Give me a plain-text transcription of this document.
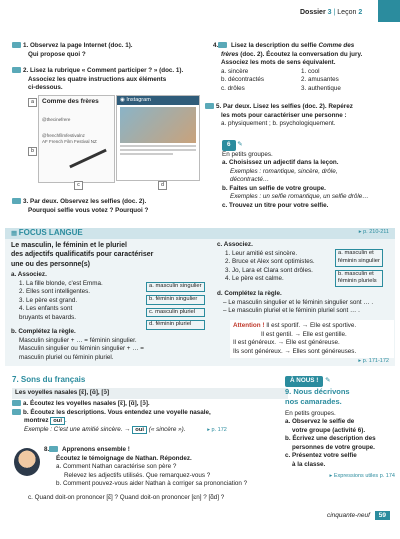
Dossier 3 | Leçon 2
1. Observez la page Internet (doc. 1).
Qui propose quoi ?
2. Lisez la rubrique « Comment participer ? » (doc. 1).
Associez les quatre instructions aux éléments
ci-dessous.
a	Comme des frères
@thecinefrere
@frenchfilmfestivalnz
AF French Film Festival NZ
b
◉ Instagram
c	d
3. Par deux. Observez les selfies (doc. 2).
Pourquoi selfie vous votez ? Pourquoi ?
4. Lisez la description du selfie Comme des
frères (doc. 2). Écoutez la conversation du jury.
Associez les mots de sens équivalent.
a. sincère
b. décontractés
c. drôles
1. cool
2. amusantes
3. authentique
5. Par deux. Lisez les selfies (doc. 2). Repérez
les mots pour caractériser une personne :
a. physiquement ; b. psychologiquement.
6 ✎
En petits groupes.
a. Choisissez un adjectif dans la leçon.
Exemples : romantique, sincère, drôle,
décontracté…
b. Faites un selfie de votre groupe.
Exemples : un selfie romantique, un selfie drôle…
c. Trouvez un titre pour votre selfie.
▦ FOCUS LANGUE	▸ p. 210-211
Le masculin, le féminin et le pluriel
des adjectifs qualificatifs pour caractériser
une ou des personne(s)
a. Associez.
1. La fille blonde, c'est Emma.
2. Elles sont intelligentes.
3. Le père est grand.
4. Les enfants sont
bruyants et bavards.
a. masculin singulier
b. féminin singulier
c. masculin pluriel
d. féminin pluriel
b. Complétez la règle.
Masculin singulier + … = féminin singulier.
Masculin singulier ou féminin singulier + … =
masculin pluriel ou féminin pluriel.
c. Associez.
1. Leur amitié est sincère.
2. Bruce et Alex sont optimistes.
3. Jo, Lara et Clara sont drôles.
4. Le père est calme.
a. masculin et
féminin singulier
b. masculin et
féminin pluriels
d. Complétez la règle.
– Le masculin singulier et le féminin singulier sont … .
– Le masculin pluriel et le féminin pluriel sont … .
Attention ! Il est sportif. → Elle est sportive.
Il est gentil. → Elle est gentille.
Il est généreux. → Elle est généreuse.
Ils sont généreux. → Elles sont généreuses.
▸ p. 171-172
7. Sons du français
Les voyelles nasales [ɛ̃], [ɑ̃], [ɔ̃]
a. Écoutez les voyelles nasales [ɛ̃], [ɑ̃], [ɔ̃].
b. Écoutez les descriptions. Vous entendez une voyelle nasale,
montrez oui .
Exemple : C'est une amitié sincère. → oui (« sincère »).	▸ p. 172
8. Apprenons ensemble !
Écoutez le témoignage de Nathan. Répondez.
a. Comment Nathan caractérise son père ?
Relevez les adjectifs utilisés. Que remarquez-vous ?
b. Comment pouvez-vous aider Nathan à corriger sa prononciation ?
c. Quand doit-on prononcer [ɛ̃] ? Quand doit-on prononcer [ɛn] ? [ɑ̃d] ?
À NOUS ! ✎
9. Nous décrivons
nos camarades.
En petits groupes.
a. Observez le selfie de
votre groupe (activité 6).
b. Écrivez une description des
personnes de votre groupe.
c. Présentez votre selfie
à la classe.
▸ Expressions utiles p. 174
cinquante-neuf 59
